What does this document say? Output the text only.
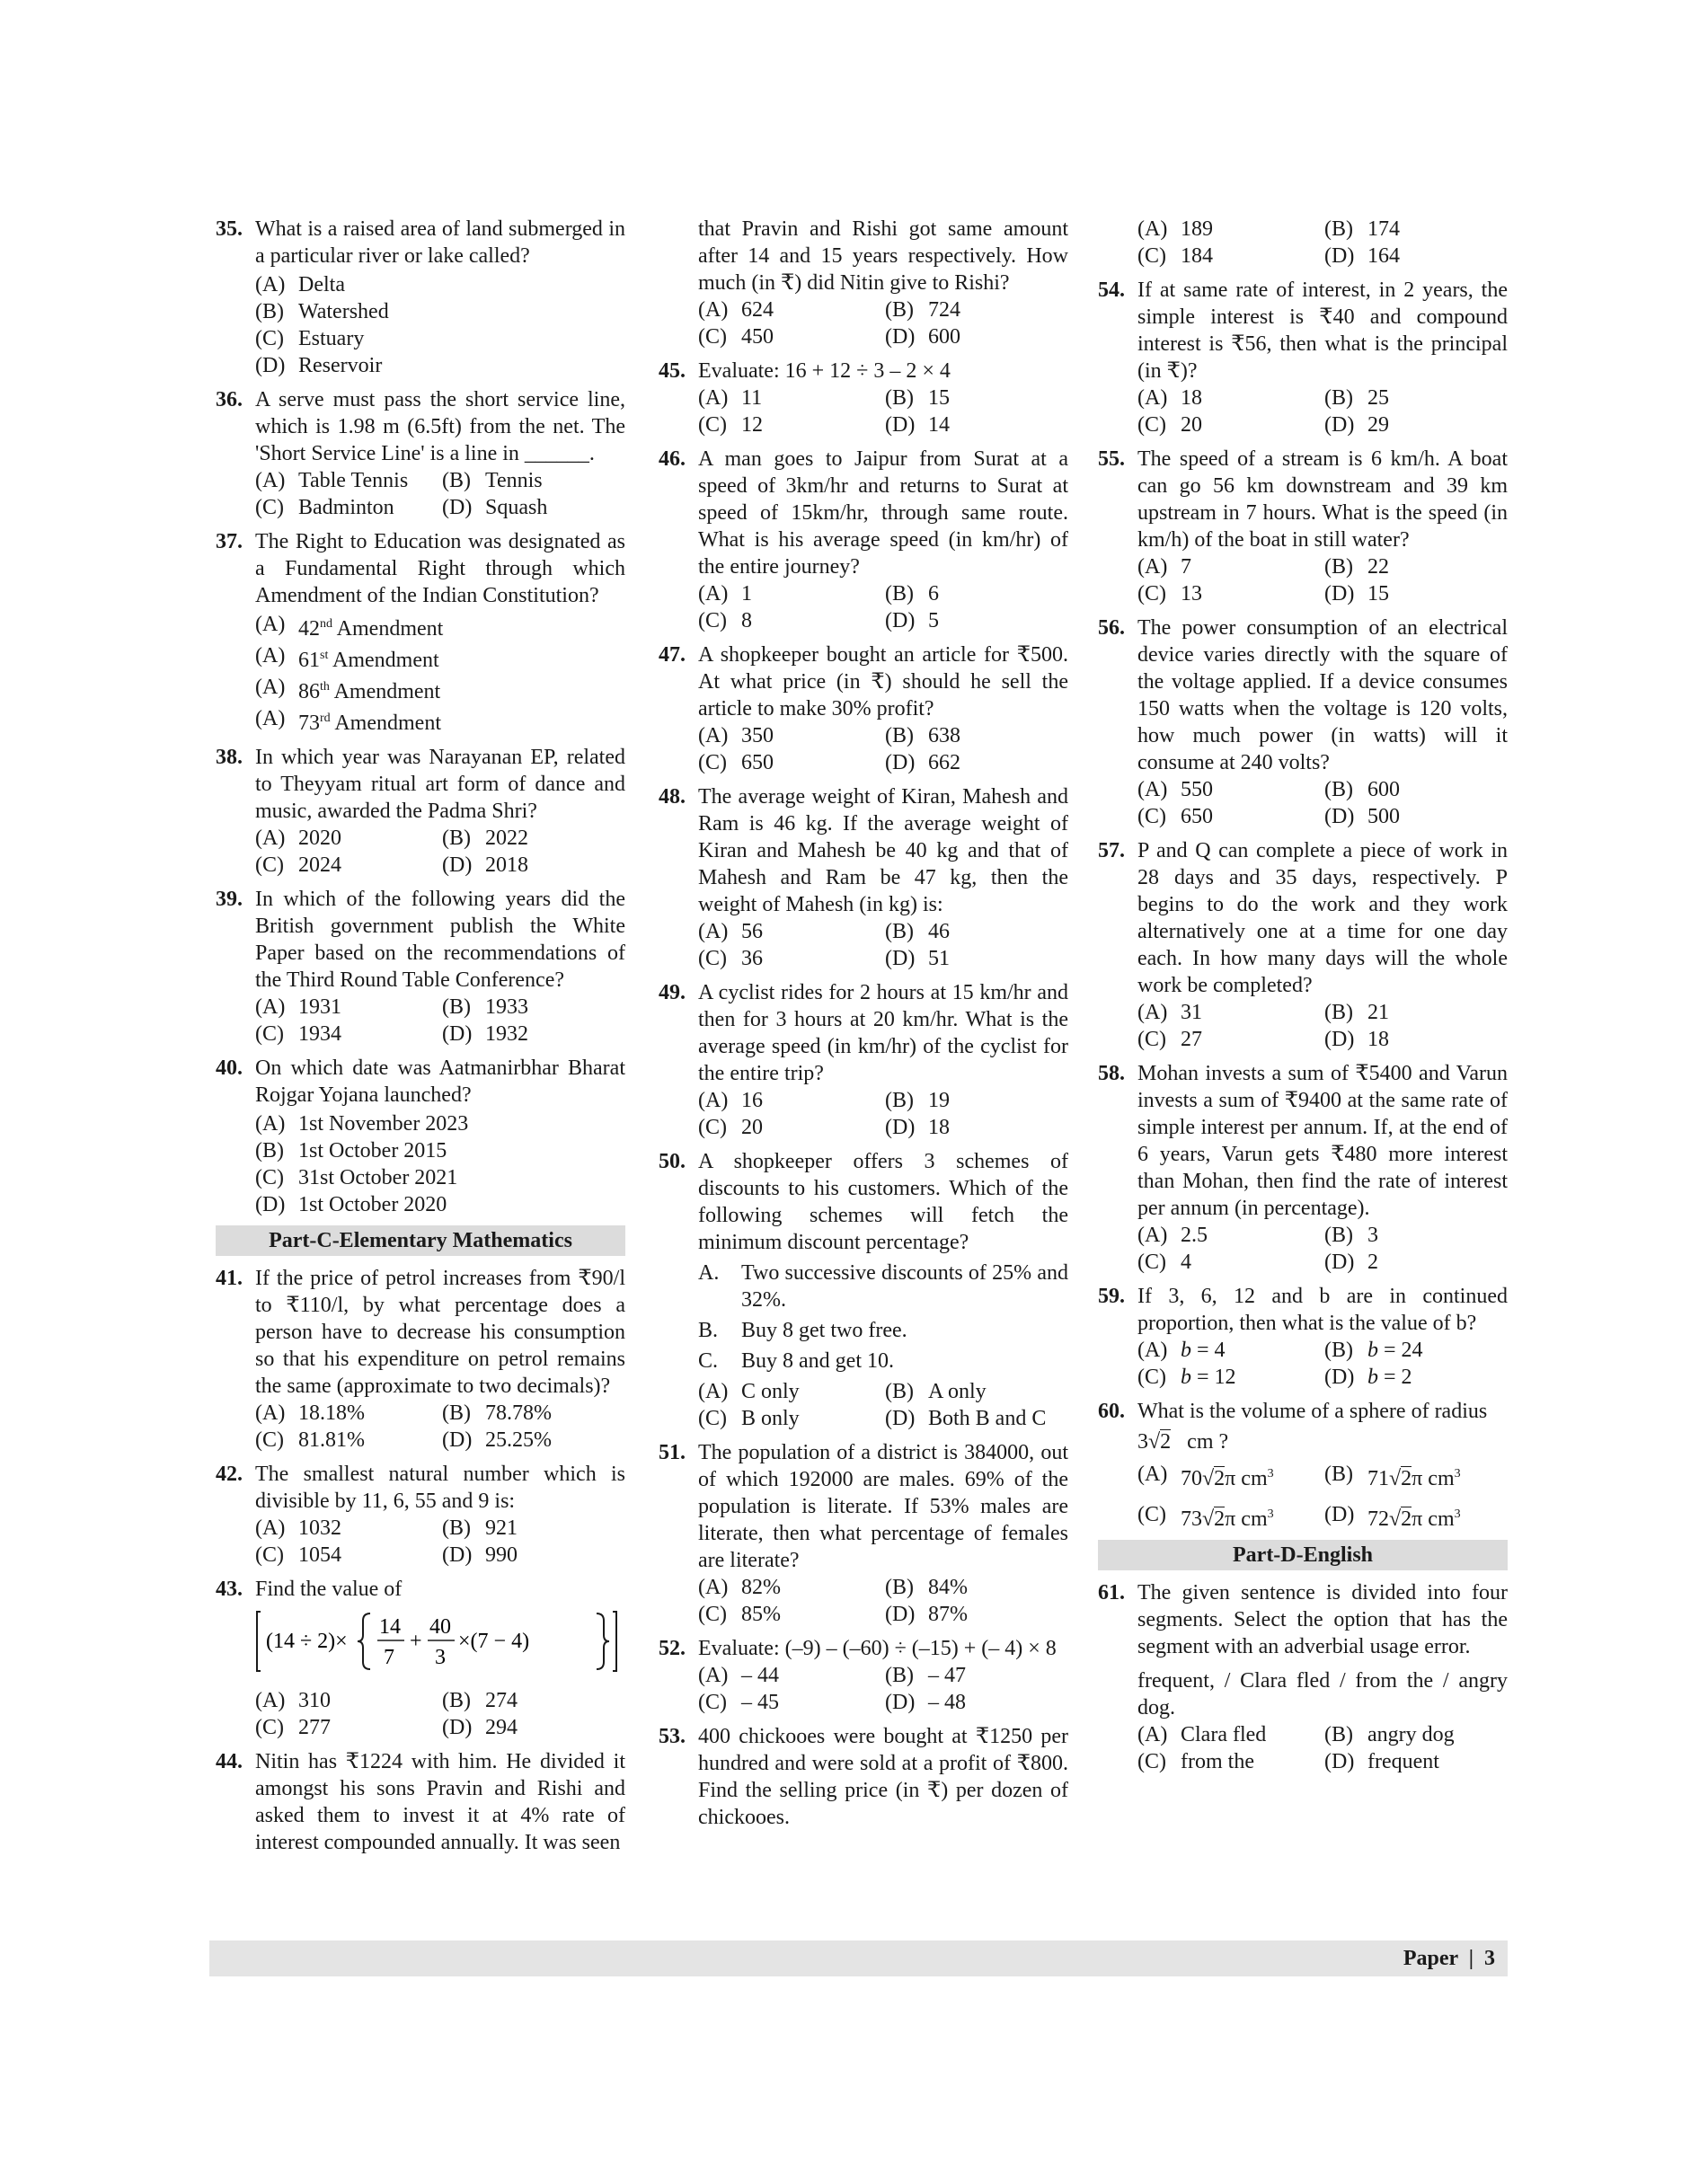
35. What is a raised area of land submerged in a particular river or lake called?
(A) Delta
(B) Watershed
(C) Estuary
(D) Reservoir
36. A serve must pass the short service line, which is 1.98 m (6.5ft) from the net. The 'Short Service Line' is a line in ______.
(A) Table Tennis (B) Tennis
(C) Badminton (D) Squash
37. The Right to Education was designated as a Fundamental Right through which Amendment of the Indian Constitution?
(A) 42nd Amendment
(A) 61st Amendment
(A) 86th Amendment
(A) 73rd Amendment
38. In which year was Narayanan EP, related to Theyyam ritual art form of dance and music, awarded the Padma Shri?
(A) 2020	(B) 2022
(C) 2024	(D) 2018
39. In which of the following years did the British government publish the White Paper based on the recommendations of the Third Round Table Conference?
(A) 1931	(B) 1933
(C) 1934	(D) 1932
40. On which date was Aatmanirbhar Bharat Rojgar Yojana launched?
(A) 1st November 2023
(B) 1st October 2015
(C) 31st October 2021
(D) 1st October 2020
Part-C-Elementary Mathematics
41. If the price of petrol increases from ₹90/l to ₹110/l, by what percentage does a person have to decrease his consumption so that his expenditure on petrol remains the same (approximate to two decimals)?
(A) 18.18%	(B) 78.78%
(C) 81.81%	(D) 25.25%
42. The smallest natural number which is divisible by 11, 6, 55 and 9 is:
(A) 1032	(B) 921
(C) 1054	(D) 990
43. Find the value of
(14 ÷ 2)×
14
7
+
40
3
×(7 − 4)
(A) 310	(B) 274
(C) 277	(D) 294
44. Nitin has ₹1224 with him. He divided it amongst his sons Pravin and Rishi and asked them to invest it at 4% rate of interest compounded annually. It was seen
that Pravin and Rishi got same amount after 14 and 15 years respectively. How much (in ₹) did Nitin give to Rishi?
(A) 624	(B) 724
(C) 450	(D) 600
45. Evaluate: 16 + 12 ÷ 3 – 2 × 4
(A) 11	(B) 15
(C) 12	(D) 14
46. A man goes to Jaipur from Surat at a speed of 3km/hr and returns to Surat at speed of 15km/hr, through same route. What is his average speed (in km/hr) of the entire journey?
(A) 1	(B) 6
(C) 8	(D) 5
47. A shopkeeper bought an article for ₹500. At what price (in ₹) should he sell the article to make 30% profit?
(A) 350	(B) 638
(C) 650	(D) 662
48. The average weight of Kiran, Mahesh and Ram is 46 kg. If the average weight of Kiran and Mahesh be 40 kg and that of Mahesh and Ram be 47 kg, then the weight of Mahesh (in kg) is:
(A) 56	(B) 46
(C) 36	(D) 51
49. A cyclist rides for 2 hours at 15 km/hr and then for 3 hours at 20 km/hr. What is the average speed (in km/hr) of the cyclist for the entire trip?
(A) 16	(B) 19
(C) 20	(D) 18
50. A shopkeeper offers 3 schemes of discounts to his customers. Which of the following schemes will fetch the minimum discount percentage?
A.	Two successive discounts of 25% and 32%.
B.	Buy 8 get two free.
C.	Buy 8 and get 10.
(A) C only	(B) A only
(C) B only	(D) Both B and C
51. The population of a district is 384000, out of which 192000 are males. 69% of the population is literate. If 53% males are literate, then what percentage of females are literate?
(A) 82%	(B) 84%
(C) 85%	(D) 87%
52. Evaluate: (–9) – (–60) ÷ (–15) + (– 4) × 8
(A) – 44	(B) – 47
(C) – 45	(D) – 48
53. 400 chickooes were bought at ₹1250 per hundred and were sold at a profit of ₹800. Find the selling price (in ₹) per dozen of chickooes.
(A) 189	(B) 174
(C) 184	(D) 164
54. If at same rate of interest, in 2 years, the simple interest is ₹40 and compound interest is ₹56, then what is the principal (in ₹)?
(A) 18	(B) 25
(C) 20	(D) 29
55. The speed of a stream is 6 km/h. A boat can go 56 km downstream and 39 km upstream in 7 hours. What is the speed (in km/h) of the boat in still water?
(A) 7	(B) 22
(C) 13	(D) 15
56. The power consumption of an electrical device varies directly with the square of the voltage applied. If a device consumes 150 watts when the voltage is 120 volts, how much power (in watts) will it consume at 240 volts?
(A) 550	(B) 600
(C) 650	(D) 500
57. P and Q can complete a piece of work in 28 days and 35 days, respectively. P begins to do the work and they work alternatively one at a time for one day each. In how many days will the whole work be completed?
(A) 31	(B) 21
(C) 27	(D) 18
58. Mohan invests a sum of ₹5400 and Varun invests a sum of ₹9400 at the same rate of simple interest per annum. If, at the end of 6 years, Varun gets ₹480 more interest than Mohan, then find the rate of interest per annum (in percentage).
(A) 2.5	(B) 3
(C) 4	(D) 2
59. If 3, 6, 12 and b are in continued proportion, then what is the value of b?
(A) b = 4	(B) b = 24
(C) b = 12	(D) b = 2
60. What is the volume of a sphere of radius
3√2 cm ?
(A) 70√2π $cm^3$ (B) 71√2π $cm^3$
(C) 73√2π $cm^3$ (D) 72√2π $cm^3$
Part-D-English
61. The given sentence is divided into four segments. Select the option that has the segment with an adverbial usage error.
frequent, / Clara fled / from the / angry dog.
(A) Clara fled	(B) angry dog
(C) from the	(D) frequent
Paper  |  3
